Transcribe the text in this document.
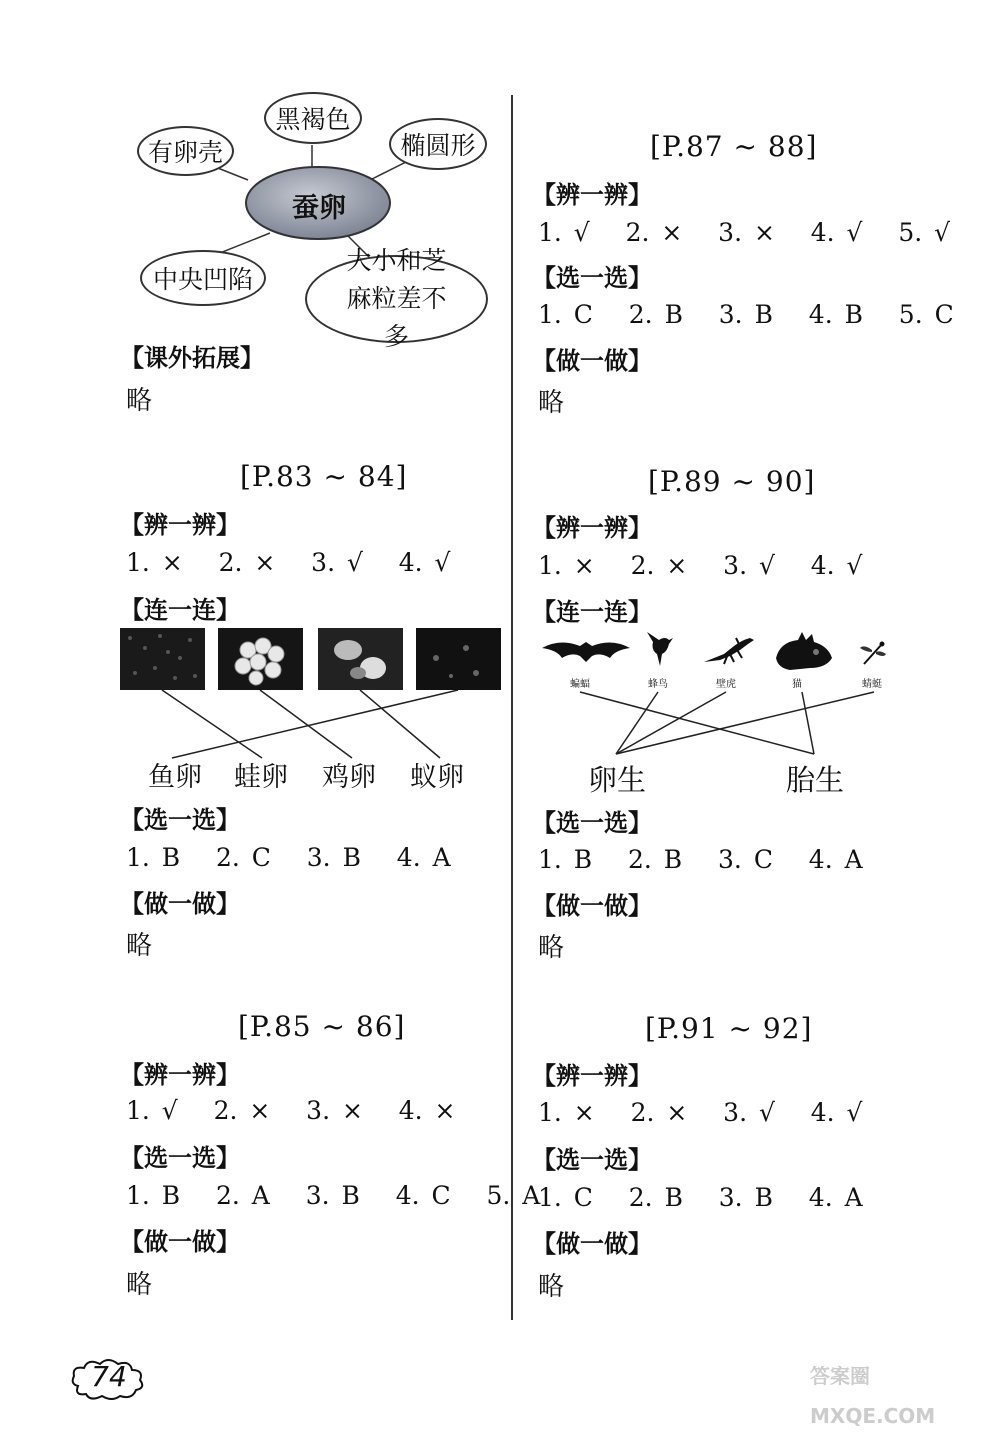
蚕卵
有卵壳
黑褐色
椭圆形
中央凹陷
大小和芝麻粒差不多
【课外拓展】
略
[P.83 ~ 84]
【辨一辨】
1. ×   2. ×   3. √   4. √
【连一连】
鱼卵 蛙卵 鸡卵 蚁卵
【选一选】
1. B   2. C   3. B   4. A
【做一做】
略
[P.85 ~ 86]
【辨一辨】
1. √   2. ×   3. ×   4. ×
【选一选】
1. B   2. A   3. B   4. C   5. A
【做一做】
略
[P.87 ~ 88]
【辨一辨】
1. √   2. ×   3. ×   4. √   5. √
【选一选】
1. C   2. B   3. B   4. B   5. C
【做一做】
略
[P.89 ~ 90]
【辨一辨】
1. ×   2. ×   3. √   4. √
【连一连】
蝙蝠	蜂鸟	壁虎	猫	蜻蜓
卵生	胎生
【选一选】
1. B   2. B   3. C   4. A
【做一做】
略
[P.91 ~ 92]
【辨一辨】
1. ×   2. ×   3. √   4. √
【选一选】
1. C   2. B   3. B   4. A
【做一做】
略
74	答案圈 MXQE.COM
